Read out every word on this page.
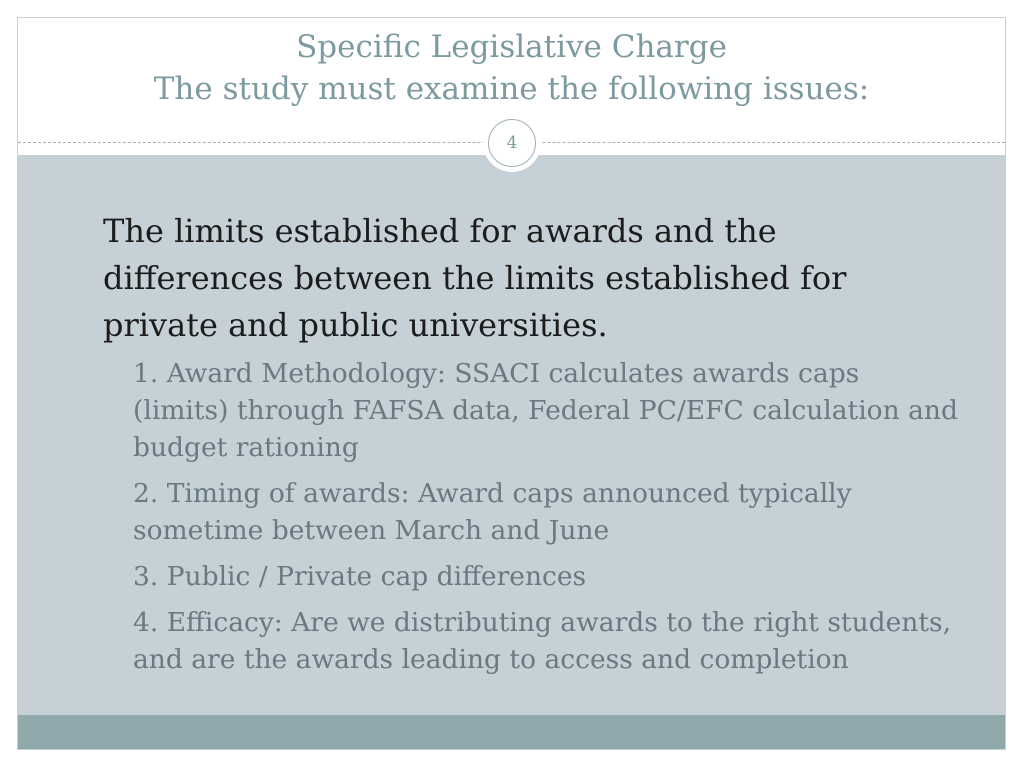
Specific Legislative Charge
The study must examine the following issues:
4

The limits established for awards and the differences between the limits established for private and public universities.

1. Award Methodology: SSACI calculates awards caps (limits) through FAFSA data, Federal PC/EFC calculation and budget rationing
2. Timing of awards: Award caps announced typically sometime between March and June
3. Public / Private cap differences
4. Efficacy: Are we distributing awards to the right students, and are the awards leading to access and completion
